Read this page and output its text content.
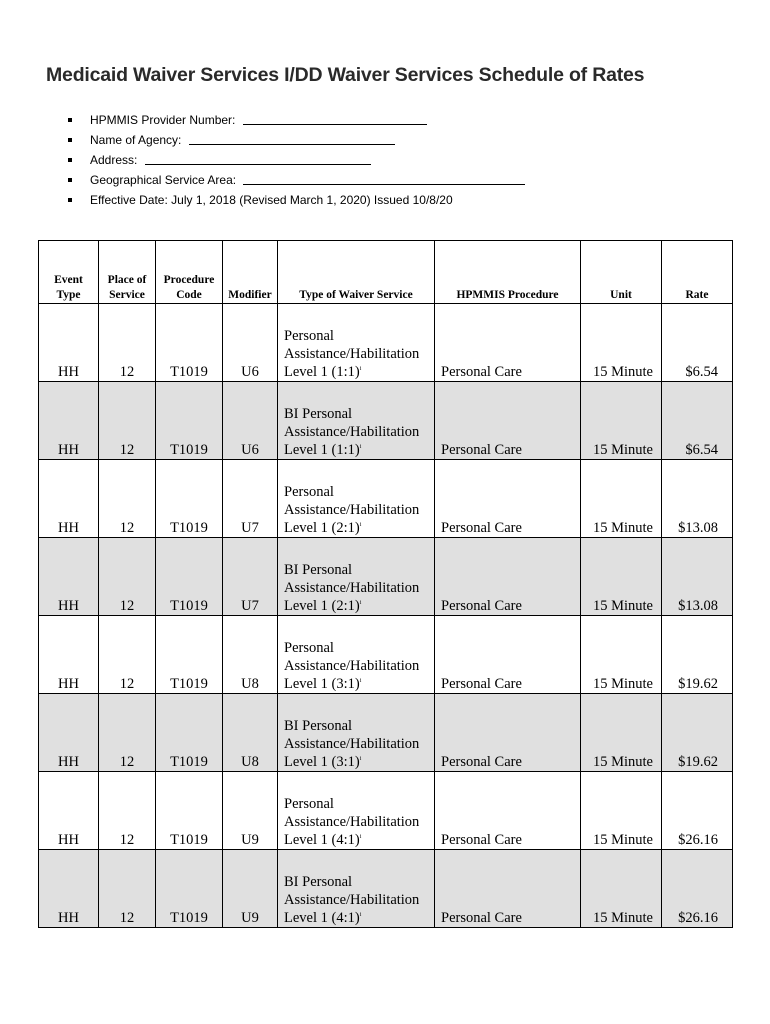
Medicaid Waiver Services I/DD Waiver Services Schedule of Rates
HPMMIS Provider Number:
Name of Agency:
Address:
Geographical Service Area:
Effective Date: July 1, 2018 (Revised March 1, 2020) Issued 10/8/20
Event Type	Place of Service	Procedure Code	Modifier	Type of Waiver Service	HPMMIS Procedure	Unit	Rate
HH	12	T1019	U6	Personal Assistance/Habilitation Level 1 (1:1)$^i$	Personal Care	15 Minute	$6.54
HH	12	T1019	U6	BI Personal Assistance/Habilitation Level 1 (1:1)$^i$	Personal Care	15 Minute	$6.54
HH	12	T1019	U7	Personal Assistance/Habilitation Level 1 (2:1)$^i$	Personal Care	15 Minute	$13.08
HH	12	T1019	U7	BI Personal Assistance/Habilitation Level 1 (2:1)$^i$	Personal Care	15 Minute	$13.08
HH	12	T1019	U8	Personal Assistance/Habilitation Level 1 (3:1)$^i$	Personal Care	15 Minute	$19.62
HH	12	T1019	U8	BI Personal Assistance/Habilitation Level 1 (3:1)$^i$	Personal Care	15 Minute	$19.62
HH	12	T1019	U9	Personal Assistance/Habilitation Level 1 (4:1)$^i$	Personal Care	15 Minute	$26.16
HH	12	T1019	U9	BI Personal Assistance/Habilitation Level 1 (4:1)$^i$	Personal Care	15 Minute	$26.16
